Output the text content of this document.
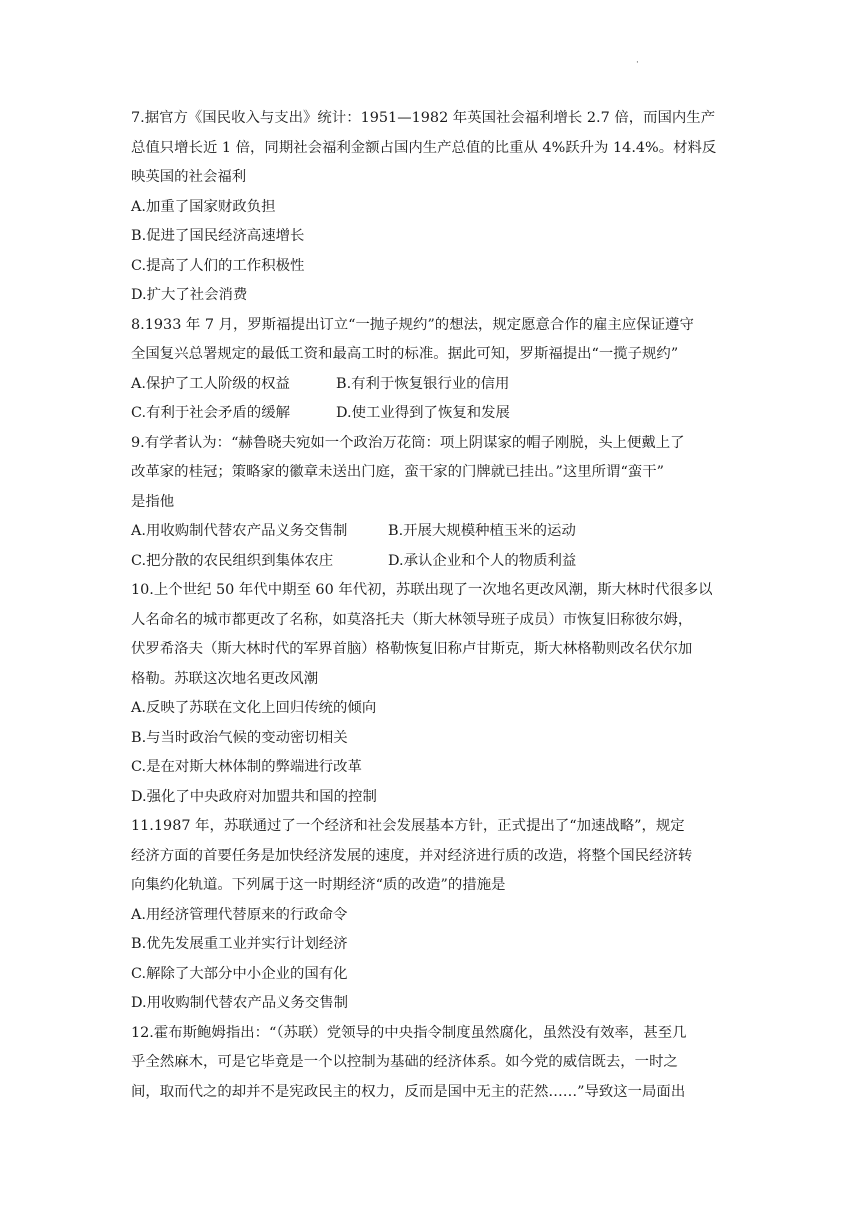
·
7.据官方《国民收入与支出》统计：1951—1982 年英国社会福利增长 2.7 倍，而国内生产
总值只增长近 1 倍，同期社会福利金额占国内生产总值的比重从 4%跃升为 14.4%。材料反
映英国的社会福利
A.加重了国家财政负担
B.促进了国民经济高速增长
C.提高了人们的工作积极性
D.扩大了社会消费
8.1933 年 7 月，罗斯福提出订立“一抛子规约”的想法，规定愿意合作的雇主应保证遵守
全国复兴总署规定的最低工资和最高工时的标准。据此可知，罗斯福提出“一揽子规约”
A.保护了工人阶级的权益	B.有利于恢复银行业的信用
C.有利于社会矛盾的缓解	D.使工业得到了恢复和发展
9.有学者认为：“赫鲁晓夫宛如一个政治万花筒：项上阴谋家的帽子刚脱，头上便戴上了
改革家的桂冠；策略家的徽章未送出门庭，蛮干家的门牌就已挂出。”这里所谓“蛮干”
是指他
A.用收购制代替农产品义务交售制	B.开展大规模种植玉米的运动
C.把分散的农民组织到集体农庄	D.承认企业和个人的物质利益
10.上个世纪 50 年代中期至 60 年代初，苏联出现了一次地名更改风潮，斯大林时代很多以
人名命名的城市都更改了名称，如莫洛托夫（斯大林领导班子成员）市恢复旧称彼尔姆，
伏罗希洛夫（斯大林时代的军界首脑）格勒恢复旧称卢甘斯克，斯大林格勒则改名伏尔加
格勒。苏联这次地名更改风潮
A.反映了苏联在文化上回归传统的倾向
B.与当时政治气候的变动密切相关
C.是在对斯大林体制的弊端进行改革
D.强化了中央政府对加盟共和国的控制
11.1987 年，苏联通过了一个经济和社会发展基本方针，正式提出了“加速战略”，规定
经济方面的首要任务是加快经济发展的速度，并对经济进行质的改造，将整个国民经济转
向集约化轨道。下列属于这一时期经济“质的改造”的措施是
A.用经济管理代替原来的行政命令
B.优先发展重工业并实行计划经济
C.解除了大部分中小企业的国有化
D.用收购制代替农产品义务交售制
12.霍布斯鲍姆指出：“（苏联）党领导的中央指令制度虽然腐化，虽然没有效率，甚至几
乎全然麻木，可是它毕竟是一个以控制为基础的经济体系。如今党的威信既去，一时之
间，取而代之的却并不是宪政民主的权力，反而是国中无主的茫然……”导致这一局面出
